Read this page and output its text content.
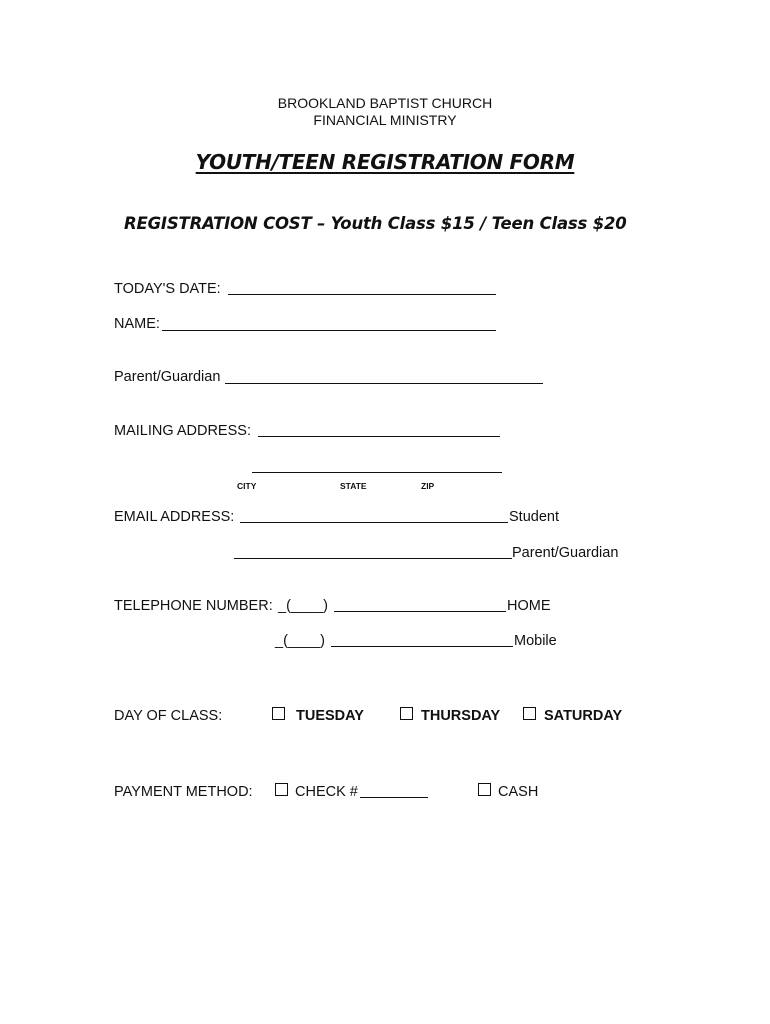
BROOKLAND BAPTIST CHURCH
FINANCIAL MINISTRY
YOUTH/TEEN REGISTRATION FORM
REGISTRATION COST – Youth Class $15 / Teen Class $20
TODAY'S DATE:
NAME:
Parent/Guardian
MAILING ADDRESS:
CITY	STATE	ZIP
EMAIL ADDRESS:	Student
Parent/Guardian
TELEPHONE NUMBER: _(____)	HOME
_(____)	Mobile
DAY OF CLASS:	TUESDAY	THURSDAY	SATURDAY
PAYMENT METHOD:	CHECK #	CASH
